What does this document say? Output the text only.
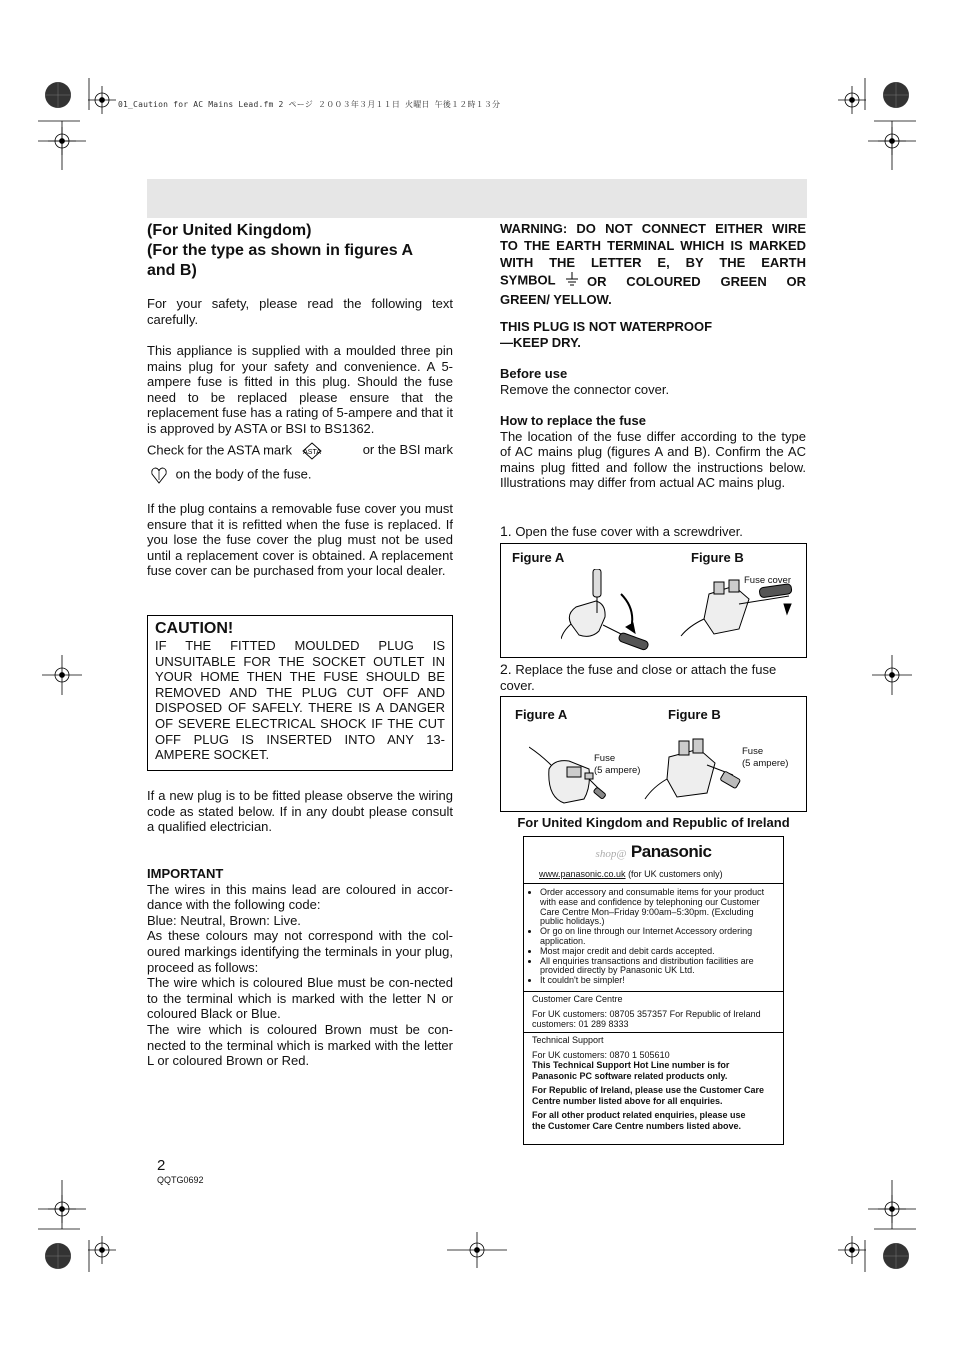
01_Caution for AC Mains Lead.fm 2 ページ ２００３年３月１１日 火曜日 午後１２時１３分
(For United Kingdom)
(For the type as shown in figures A
and B)
For your safety, please read the following text carefully.
This appliance is supplied with a moulded three pin mains plug for your safety and convenience. A 5-ampere fuse is fitted in this plug. Should the fuse need to be replaced please ensure that the replacement fuse has a rating of 5-ampere and that it is approved by ASTA or BSI to BS1362.
Check for the ASTA mark ASTA	or the BSI mark
on the body of the fuse.
If the plug contains a removable fuse cover you must ensure that it is refitted when the fuse is replaced. If you lose the fuse cover the plug must not be used until a replacement cover is obtained. A replacement fuse cover can be purchased from your local dealer.
CAUTION!
IF THE FITTED MOULDED PLUG IS UNSUITABLE FOR THE SOCKET OUTLET IN YOUR HOME THEN THE FUSE SHOULD BE REMOVED AND THE PLUG CUT OFF AND DISPOSED OF SAFELY. THERE IS A DANGER OF SEVERE ELECTRICAL SHOCK IF THE CUT OFF PLUG IS INSERTED INTO ANY 13-AMPERE SOCKET.
If a new plug is to be fitted please observe the wiring code as stated below. If in any doubt please consult a qualified electrician.
IMPORTANT
The wires in this mains lead are coloured in accor-dance with the following code:
Blue: Neutral, Brown: Live.
As these colours may not correspond with the col-oured markings identifying the terminals in your plug, proceed as follows:
The wire which is coloured Blue must be con-nected to the terminal which is marked with the letter N or coloured Black or Blue.
The wire which is coloured Brown must be con-nected to the terminal which is marked with the letter L or coloured Brown or Red.
WARNING: DO NOT CONNECT EITHER WIRE
TO THE EARTH TERMINAL WHICH IS MARKED
WITH THE LETTER E, BY THE EARTH
SYMBOL	OR COLOURED GREEN OR
GREEN/ YELLOW.
THIS PLUG IS NOT WATERPROOF
—KEEP DRY.
Before use
Remove the connector cover.
How to replace the fuse
The location of the fuse differ according to the type of AC mains plug (figures A and B). Confirm the AC mains plug fitted and follow the instructions below. Illustrations may differ from actual AC mains plug.
1. Open the fuse cover with a screwdriver.
Figure A	Figure B
Fuse cover
2. Replace the fuse and close or attach the fuse cover.
Figure A	Figure B
Fuse
(5 ampere)
Fuse
(5 ampere)
For United Kingdom and Republic of Ireland
shop@ Panasonic
www.panasonic.co.uk (for UK customers only)
• Order accessory and consumable items for your product with ease and confidence by telephoning our Customer Care Centre Mon–Friday 9:00am–5:30pm. (Excluding public holidays.)
• Or go on line through our Internet Accessory ordering application.
• Most major credit and debit cards accepted.
• All enquiries transactions and distribution facilities are provided directly by Panasonic UK Ltd.
• It couldn't be simpler!
Customer Care Centre
For UK customers: 08705 357357 For Republic of Ireland customers: 01 289 8333
Technical Support
For UK customers: 0870 1 505610
This Technical Support Hot Line number is for Panasonic PC software related products only.
For Republic of Ireland, please use the Customer Care Centre number listed above for all enquiries.
For all other product related enquiries, please use the Customer Care Centre numbers listed above.
2
QQTG0692
